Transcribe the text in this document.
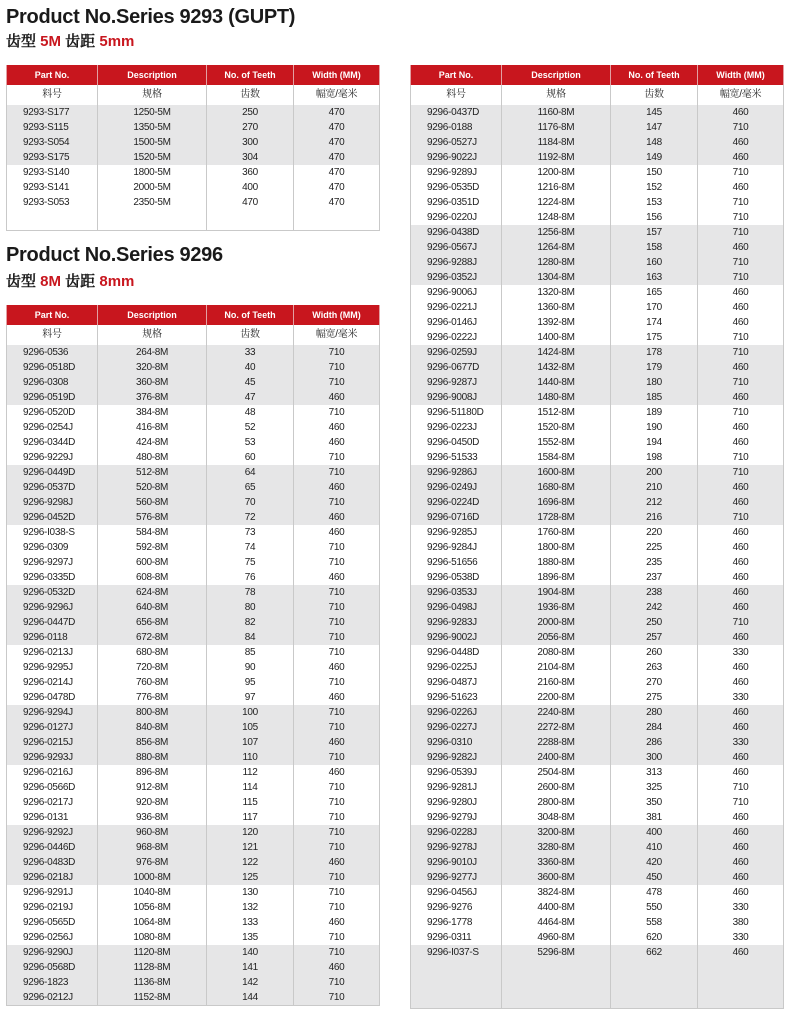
Product No.Series 9293 (GUPT)
齿型 5M 齿距 5mm
Part No.	Description	No. of Teeth	Width (MM)
料号	规格	齿数	幅宽/毫米
9293-S177	1250-5M	250	470
9293-S115	1350-5M	270	470
9293-S054	1500-5M	300	470
9293-S175	1520-5M	304	470
9293-S140	1800-5M	360	470
9293-S141	2000-5M	400	470
9293-S053	2350-5M	470	470

Product No.Series 9296
齿型 8M 齿距 8mm
Part No.	Description	No. of Teeth	Width (MM)
料号	规格	齿数	幅宽/毫米
9296-0536	264-8M	33	710
9296-0518D	320-8M	40	710
9296-0308	360-8M	45	710
9296-0519D	376-8M	47	460
9296-0520D	384-8M	48	710
9296-0254J	416-8M	52	460
9296-0344D	424-8M	53	460
9296-9229J	480-8M	60	710
9296-0449D	512-8M	64	710
9296-0537D	520-8M	65	460
9296-9298J	560-8M	70	710
9296-0452D	576-8M	72	460
9296-I038-S	584-8M	73	460
9296-0309	592-8M	74	710
9296-9297J	600-8M	75	710
9296-0335D	608-8M	76	460
9296-0532D	624-8M	78	710
9296-9296J	640-8M	80	710
9296-0447D	656-8M	82	710
9296-0118	672-8M	84	710
9296-0213J	680-8M	85	710
9296-9295J	720-8M	90	460
9296-0214J	760-8M	95	710
9296-0478D	776-8M	97	460
9296-9294J	800-8M	100	710
9296-0127J	840-8M	105	710
9296-0215J	856-8M	107	460
9296-9293J	880-8M	110	710
9296-0216J	896-8M	112	460
9296-0566D	912-8M	114	710
9296-0217J	920-8M	115	710
9296-0131	936-8M	117	710
9296-9292J	960-8M	120	710
9296-0446D	968-8M	121	710
9296-0483D	976-8M	122	460
9296-0218J	1000-8M	125	710
9296-9291J	1040-8M	130	710
9296-0219J	1056-8M	132	710
9296-0565D	1064-8M	133	460
9296-0256J	1080-8M	135	710
9296-9290J	1120-8M	140	710
9296-0568D	1128-8M	141	460
9296-1823	1136-8M	142	710
9296-0212J	1152-8M	144	710
Part No.	Description	No. of Teeth	Width (MM)
料号	规格	齿数	幅宽/毫米
9296-0437D	1160-8M	145	460
9296-0188	1176-8M	147	710
9296-0527J	1184-8M	148	460
9296-9022J	1192-8M	149	460
9296-9289J	1200-8M	150	710
9296-0535D	1216-8M	152	460
9296-0351D	1224-8M	153	710
9296-0220J	1248-8M	156	710
9296-0438D	1256-8M	157	710
9296-0567J	1264-8M	158	460
9296-9288J	1280-8M	160	710
9296-0352J	1304-8M	163	710
9296-9006J	1320-8M	165	460
9296-0221J	1360-8M	170	460
9296-0146J	1392-8M	174	460
9296-0222J	1400-8M	175	710
9296-0259J	1424-8M	178	710
9296-0677D	1432-8M	179	460
9296-9287J	1440-8M	180	710
9296-9008J	1480-8M	185	460
9296-51180D	1512-8M	189	710
9296-0223J	1520-8M	190	460
9296-0450D	1552-8M	194	460
9296-51533	1584-8M	198	710
9296-9286J	1600-8M	200	710
9296-0249J	1680-8M	210	460
9296-0224D	1696-8M	212	460
9296-0716D	1728-8M	216	710
9296-9285J	1760-8M	220	460
9296-9284J	1800-8M	225	460
9296-51656	1880-8M	235	460
9296-0538D	1896-8M	237	460
9296-0353J	1904-8M	238	460
9296-0498J	1936-8M	242	460
9296-9283J	2000-8M	250	710
9296-9002J	2056-8M	257	460
9296-0448D	2080-8M	260	330
9296-0225J	2104-8M	263	460
9296-0487J	2160-8M	270	460
9296-51623	2200-8M	275	330
9296-0226J	2240-8M	280	460
9296-0227J	2272-8M	284	460
9296-0310	2288-8M	286	330
9296-9282J	2400-8M	300	460
9296-0539J	2504-8M	313	460
9296-9281J	2600-8M	325	710
9296-9280J	2800-8M	350	710
9296-9279J	3048-8M	381	460
9296-0228J	3200-8M	400	460
9296-9278J	3280-8M	410	460
9296-9010J	3360-8M	420	460
9296-9277J	3600-8M	450	460
9296-0456J	3824-8M	478	460
9296-9276	4400-8M	550	330
9296-1778	4464-8M	558	380
9296-0311	4960-8M	620	330
9296-I037-S	5296-8M	662	460
